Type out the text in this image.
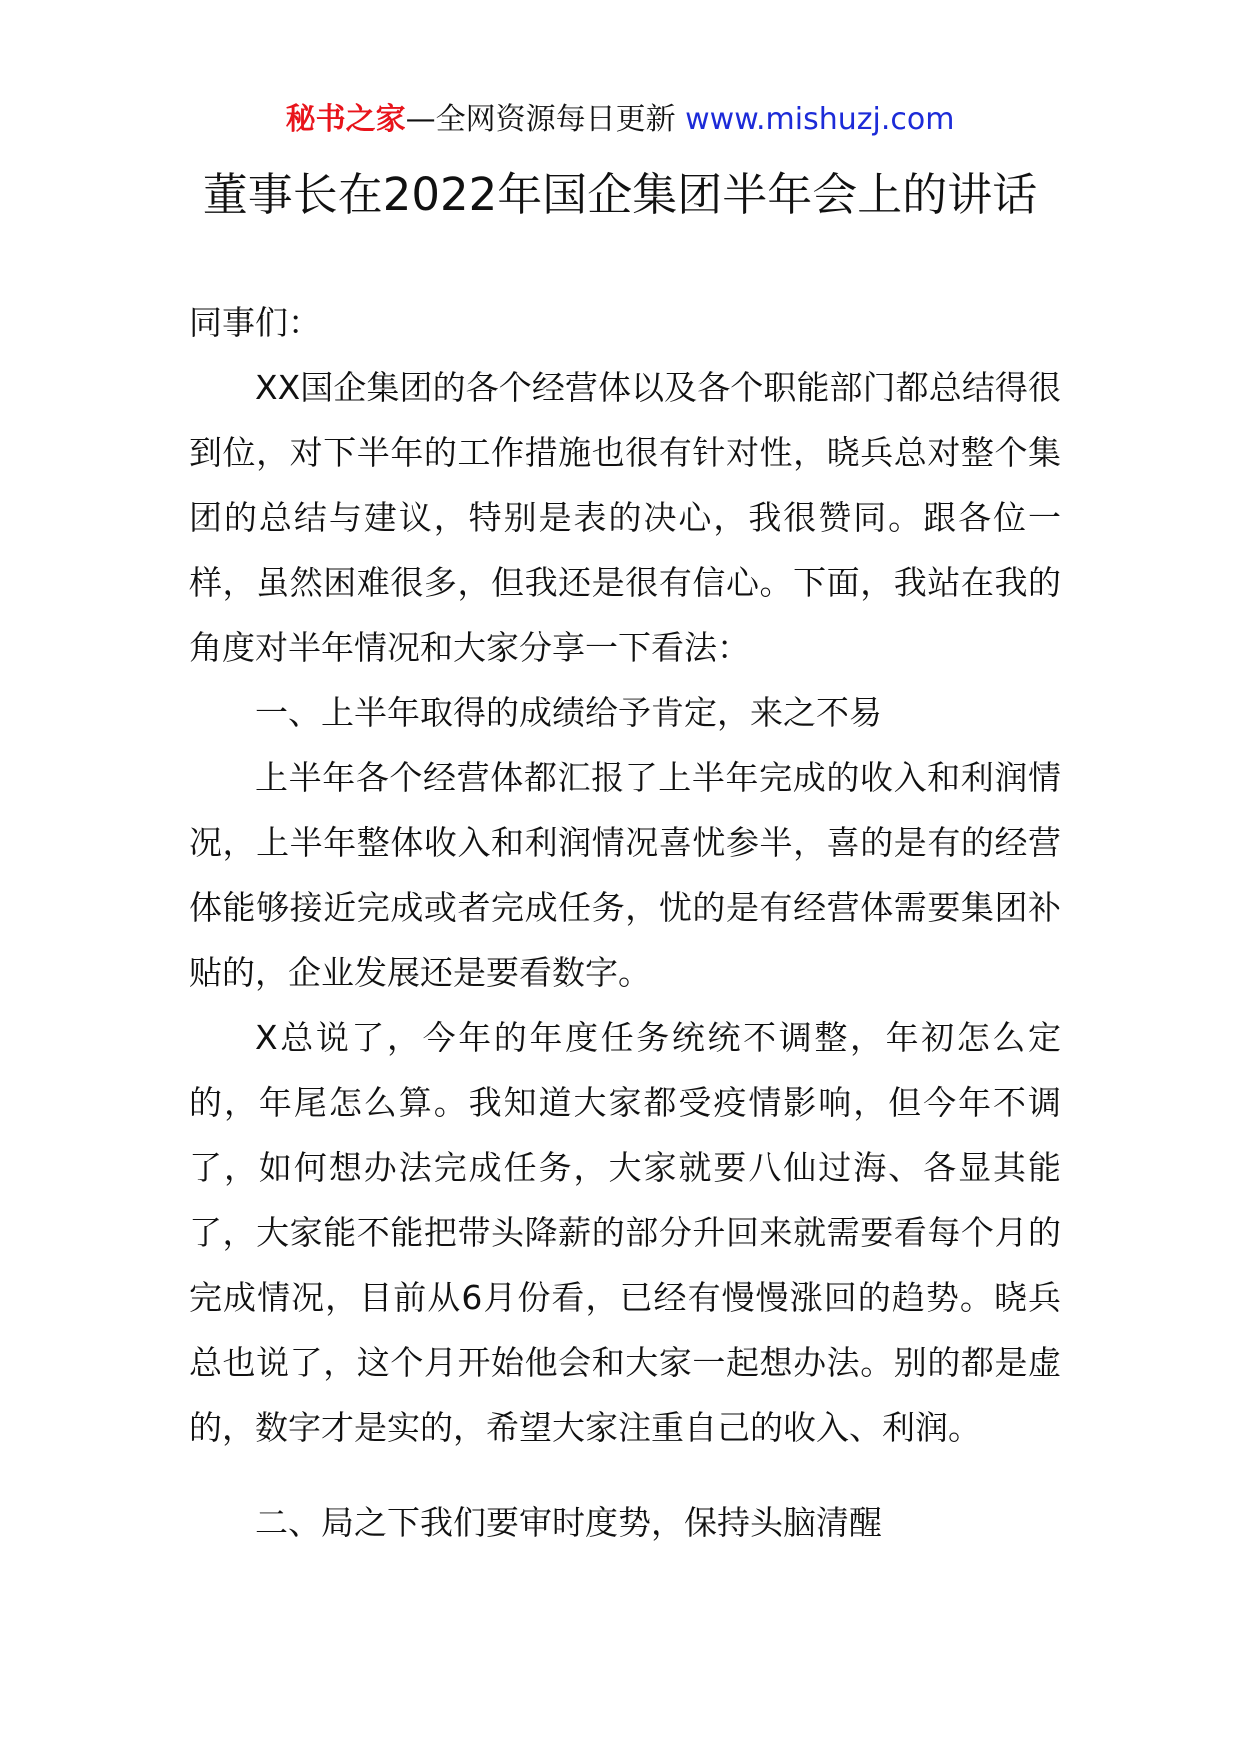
秘书之家—全网资源每日更新 www.mishuzj.com
董事长在2022年国企集团半年会上的讲话

同事们：

XX国企集团的各个经营体以及各个职能部门都总结得很到位，对下半年的工作措施也很有针对性，晓兵总对整个集团的总结与建议，特别是表的决心，我很赞同。跟各位一样，虽然困难很多，但我还是很有信心。下面，我站在我的角度对半年情况和大家分享一下看法：

一、上半年取得的成绩给予肯定，来之不易

上半年各个经营体都汇报了上半年完成的收入和利润情况，上半年整体收入和利润情况喜忧参半，喜的是有的经营体能够接近完成或者完成任务，忧的是有经营体需要集团补贴的，企业发展还是要看数字。

X总说了，今年的年度任务统统不调整，年初怎么定的，年尾怎么算。我知道大家都受疫情影响，但今年不调了，如何想办法完成任务，大家就要八仙过海、各显其能了，大家能不能把带头降薪的部分升回来就需要看每个月的完成情况，目前从6月份看，已经有慢慢涨回的趋势。晓兵总也说了，这个月开始他会和大家一起想办法。别的都是虚的，数字才是实的，希望大家注重自己的收入、利润。

二、局之下我们要审时度势，保持头脑清醒
